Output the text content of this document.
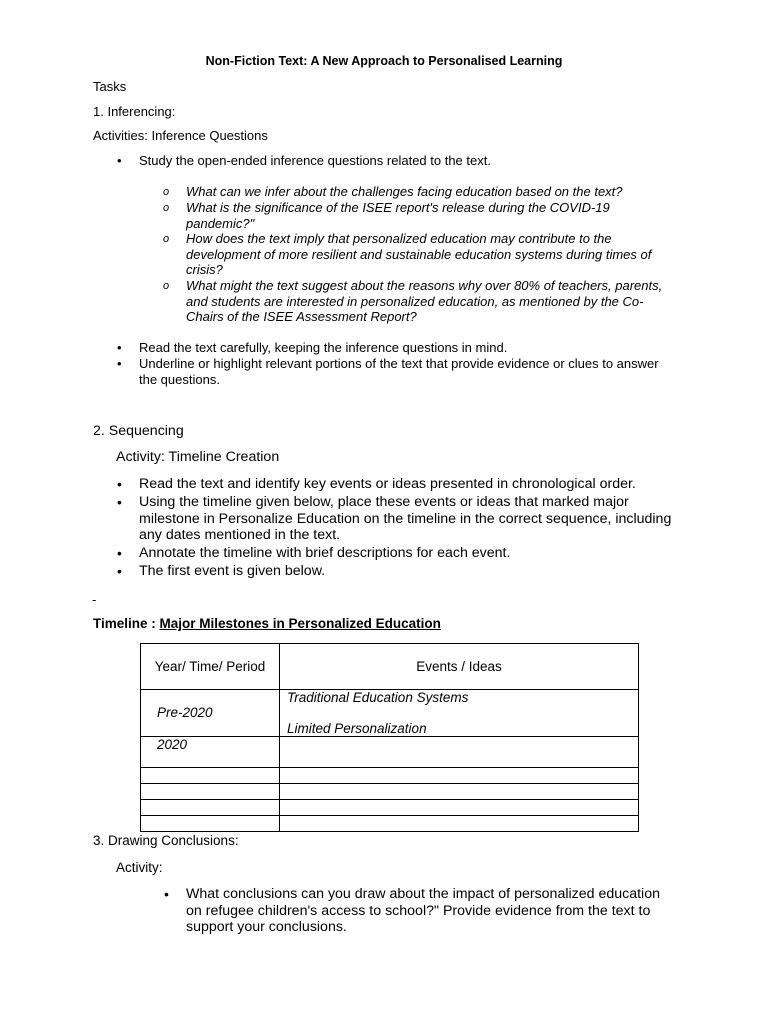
Non-Fiction Text: A New Approach to Personalised Learning
Tasks
1. Inferencing:
Activities: Inference Questions
• Study the open-ended inference questions related to the text.
o What can we infer about the challenges facing education based on the text?
o What is the significance of the ISEE report's release during the COVID-19 pandemic?"
o How does the text imply that personalized education may contribute to the development of more resilient and sustainable education systems during times of crisis?
o What might the text suggest about the reasons why over 80% of teachers, parents, and students are interested in personalized education, as mentioned by the Co-Chairs of the ISEE Assessment Report?
• Read the text carefully, keeping the inference questions in mind.
• Underline or highlight relevant portions of the text that provide evidence or clues to answer the questions.
2. Sequencing
Activity: Timeline Creation
• Read the text and identify key events or ideas presented in chronological order.
• Using the timeline given below, place these events or ideas that marked major milestone in Personalize Education on the timeline in the correct sequence, including any dates mentioned in the text.
• Annotate the timeline with brief descriptions for each event.
• The first event is given below.
-
Timeline : Major Milestones in Personalized Education
Year/ Time/ Period	Events / Ideas

Pre-2020	Traditional Education Systems
Limited Personalization

2020	

3. Drawing Conclusions:
Activity:
• What conclusions can you draw about the impact of personalized education on refugee children's access to school?" Provide evidence from the text to support your conclusions.
